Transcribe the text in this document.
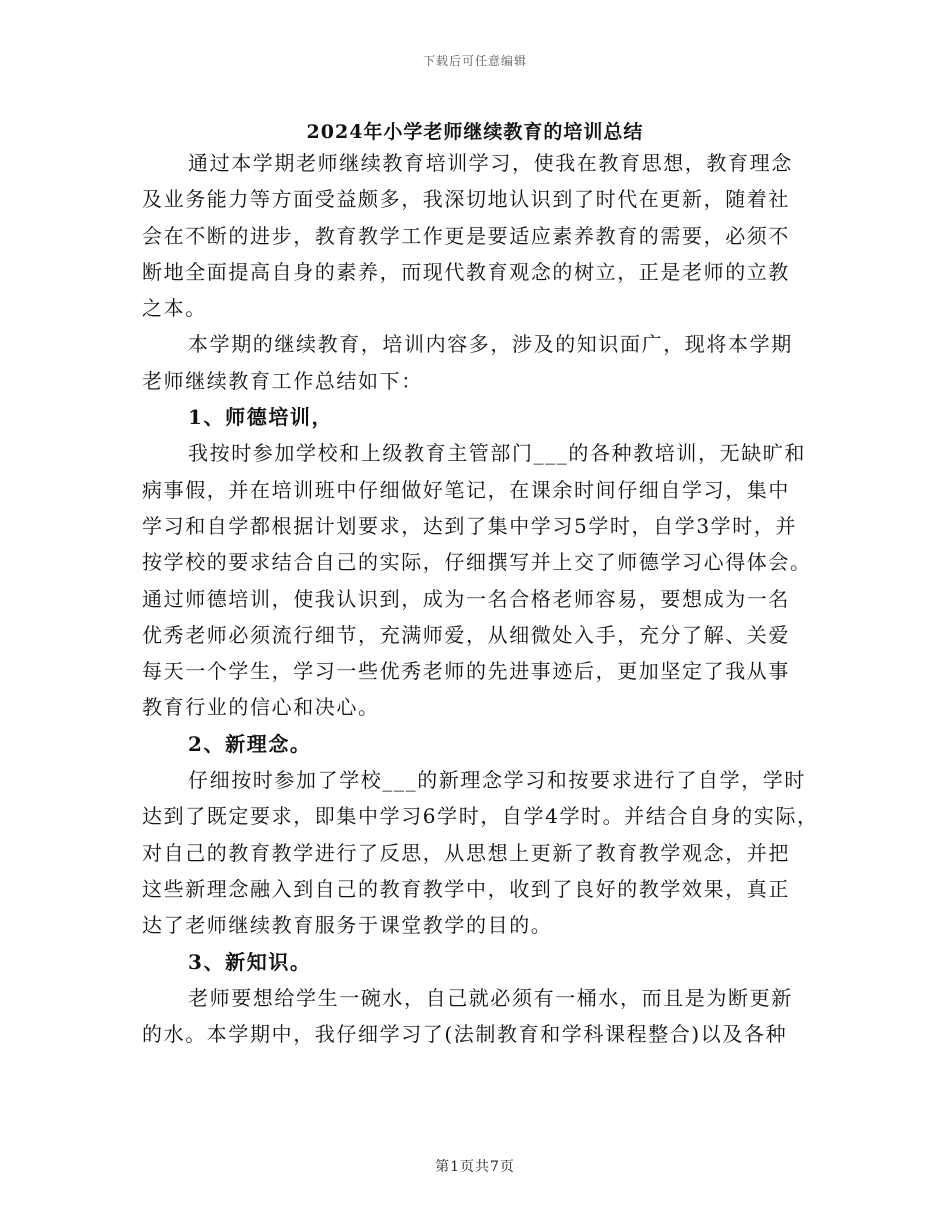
下载后可任意编辑
2024年小学老师继续教育的培训总结
通过本学期老师继续教育培训学习，使我在教育思想，教育理念
及业务能力等方面受益颇多，我深切地认识到了时代在更新，随着社
会在不断的进步，教育教学工作更是要适应素养教育的需要，必须不
断地全面提高自身的素养，而现代教育观念的树立，正是老师的立教
之本。
本学期的继续教育，培训内容多，涉及的知识面广，现将本学期
老师继续教育工作总结如下：
1、师德培训，
我按时参加学校和上级教育主管部门___的各种教培训，无缺旷和
病事假，并在培训班中仔细做好笔记，在课余时间仔细自学习，集中
学习和自学都根据计划要求，达到了集中学习5学时，自学3学时，并
按学校的要求结合自己的实际，仔细撰写并上交了师德学习心得体会。
通过师德培训，使我认识到，成为一名合格老师容易，要想成为一名
优秀老师必须流行细节，充满师爱，从细微处入手，充分了解、关爱
每天一个学生，学习一些优秀老师的先进事迹后，更加坚定了我从事
教育行业的信心和决心。
2、新理念。
仔细按时参加了学校___的新理念学习和按要求进行了自学，学时
达到了既定要求，即集中学习6学时，自学4学时。并结合自身的实际，
对自己的教育教学进行了反思，从思想上更新了教育教学观念，并把
这些新理念融入到自己的教育教学中，收到了良好的教学效果，真正
达了老师继续教育服务于课堂教学的目的。
3、新知识。
老师要想给学生一碗水，自己就必须有一桶水，而且是为断更新
的水。本学期中，我仔细学习了(法制教育和学科课程整合)以及各种
第1页共7页
